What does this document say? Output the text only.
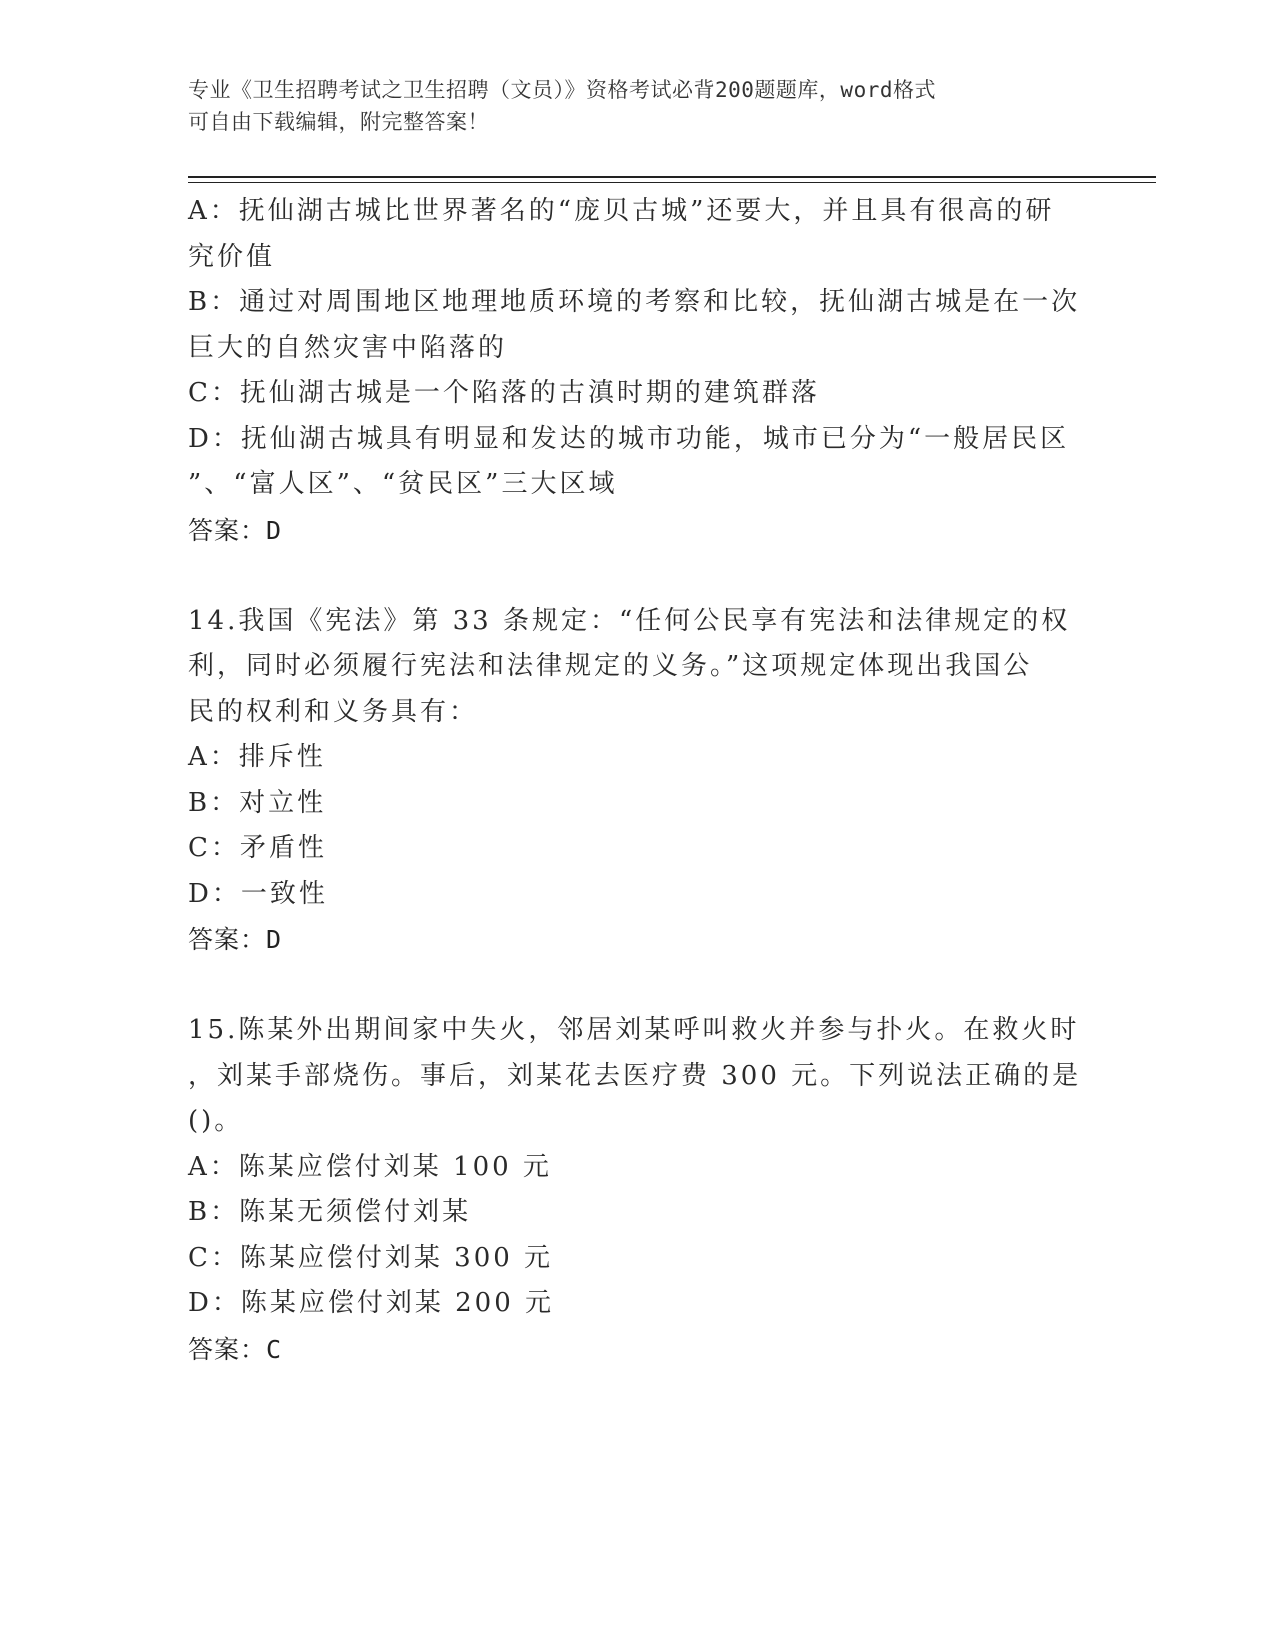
专业《卫生招聘考试之卫生招聘（文员）》资格考试必背200题题库，word格式
可自由下载编辑，附完整答案！
A：抚仙湖古城比世界著名的“庞贝古城”还要大，并且具有很高的研
究价值
B：通过对周围地区地理地质环境的考察和比较，抚仙湖古城是在一次
巨大的自然灾害中陷落的
C：抚仙湖古城是一个陷落的古滇时期的建筑群落
D：抚仙湖古城具有明显和发达的城市功能，城市已分为“一般居民区
”、“富人区”、“贫民区”三大区域
答案：D
14.我国《宪法》第 33 条规定：“任何公民享有宪法和法律规定的权
利，同时必须履行宪法和法律规定的义务。”这项规定体现出我国公
民的权利和义务具有：
A：排斥性
B：对立性
C：矛盾性
D：一致性
答案：D
15.陈某外出期间家中失火，邻居刘某呼叫救火并参与扑火。在救火时
，刘某手部烧伤。事后，刘某花去医疗费 300 元。下列说法正确的是
()。
A：陈某应偿付刘某 100 元
B：陈某无须偿付刘某
C：陈某应偿付刘某 300 元
D：陈某应偿付刘某 200 元
答案：C
